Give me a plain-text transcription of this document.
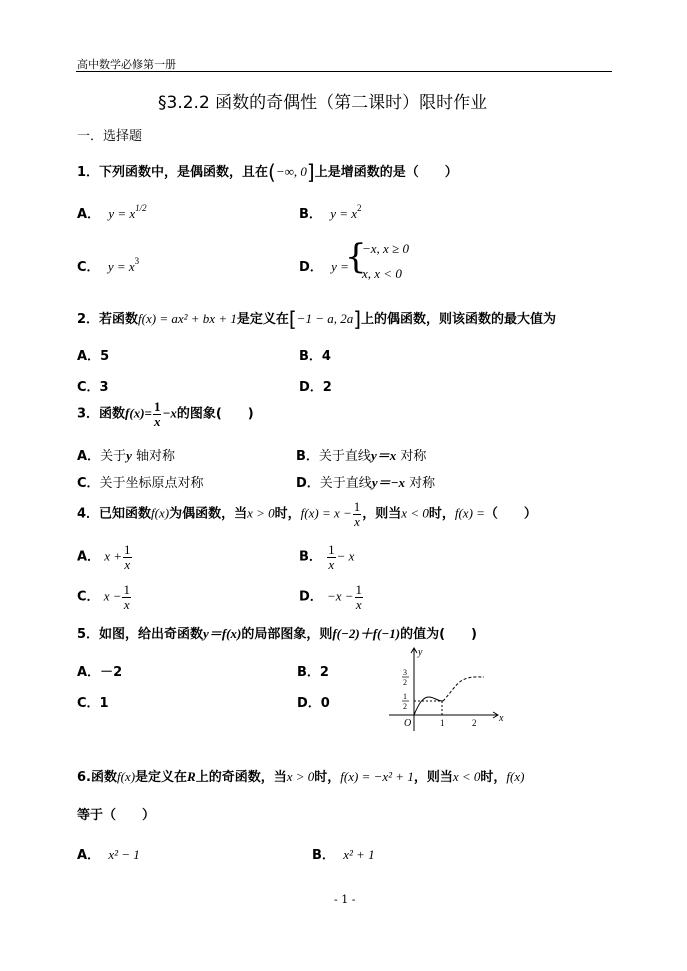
高中数学必修第一册
§3.2.2 函数的奇偶性（第二课时）限时作业
一．选择题
1．下列函数中，是偶函数，且在(−∞, 0]上是增函数的是（　　）
A． $y = x^{1/2}$	B． $y = x^2$
C． $y = x^3$	D． y =
{
−x, x ≥ 0
x, x < 0
2．若函数f(x) = ax² + bx + 1是定义在[−1 − a, 2a]上的偶函数，则该函数的最大值为
A．5	B．4
C．3	D．2
3．函数$f(x)= \frac{1}{x} -x$的图象(　　)
A．关于y 轴对称	B．关于直线y＝x 对称
C．关于坐标原点对称	D．关于直线y＝−x 对称
4．已知函数f(x)为偶函数，当x > 0时，$f(x) = x - \frac{1}{x}$ ，则当x < 0时，f(x) =（　　）
A． $x + \frac{1}{x}$	B． $\frac{1}{x} - x$
C． $x - \frac{1}{x}$	D． $-x - \frac{1}{x}$
5．如图，给出奇函数y＝f(x)的局部图象，则f(−2)＋f(−1)的值为(　　)
A．－2	B．2
C．1	D．0
y
x
O	1	2
3
2
1
2
6.函数f(x)是定义在R上的奇函数，当x > 0时，f(x) = −x² + 1，则当x < 0时，f(x)
等于（　　）
A． x² − 1	B． x² + 1
- 1 -
